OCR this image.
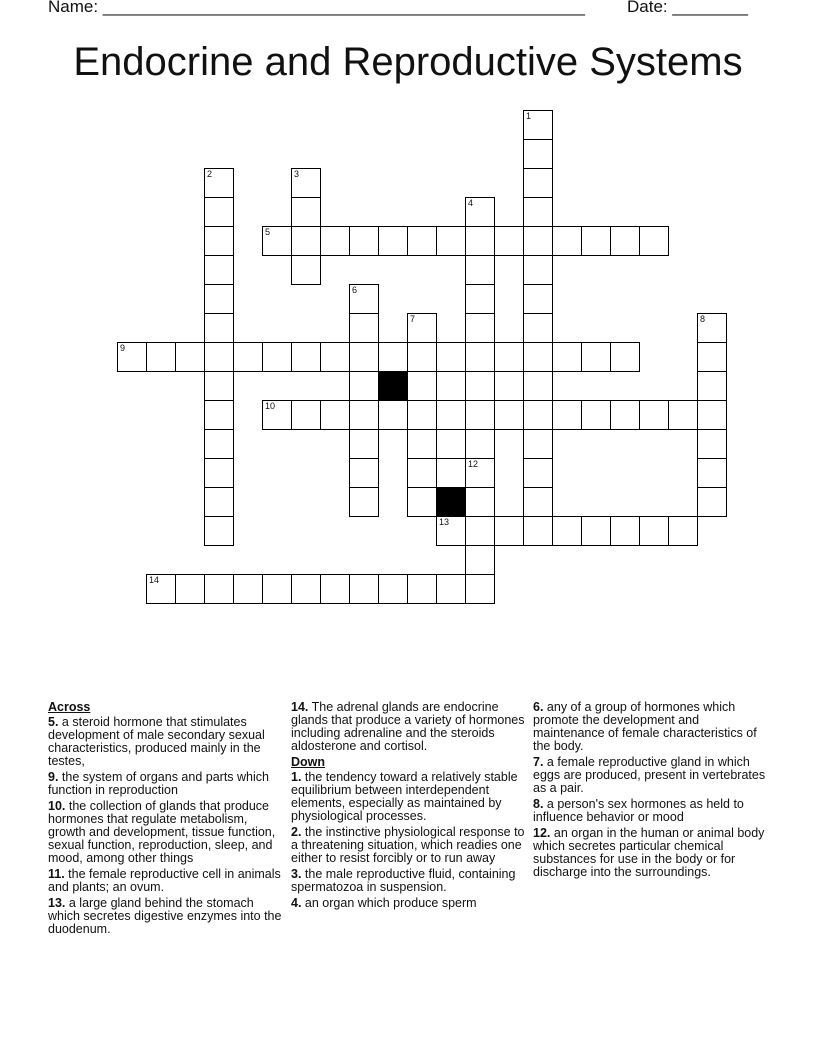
Name: ___________________________________________________ Date: ________
Endocrine and Reproductive Systems
1
2	3
4
5
6
7	8
9
10
12
13
14
Across
5. a steroid hormone that stimulates development of male secondary sexual characteristics, produced mainly in the testes,
9. the system of organs and parts which function in reproduction
10. the collection of glands that produce hormones that regulate metabolism, growth and development, tissue function, sexual function, reproduction, sleep, and mood, among other things
11. the female reproductive cell in animals and plants; an ovum.
13. a large gland behind the stomach which secretes digestive enzymes into the duodenum.
14. The adrenal glands are endocrine glands that produce a variety of hormones including adrenaline and the steroids aldosterone and cortisol.
Down
1. the tendency toward a relatively stable equilibrium between interdependent elements, especially as maintained by physiological processes.
2. the instinctive physiological response to a threatening situation, which readies one either to resist forcibly or to run away
3. the male reproductive fluid, containing spermatozoa in suspension.
4. an organ which produce sperm
6. any of a group of hormones which promote the development and maintenance of female characteristics of the body.
7. a female reproductive gland in which eggs are produced, present in vertebrates as a pair.
8. a person's sex hormones as held to influence behavior or mood
12. an organ in the human or animal body which secretes particular chemical substances for use in the body or for discharge into the surroundings.
